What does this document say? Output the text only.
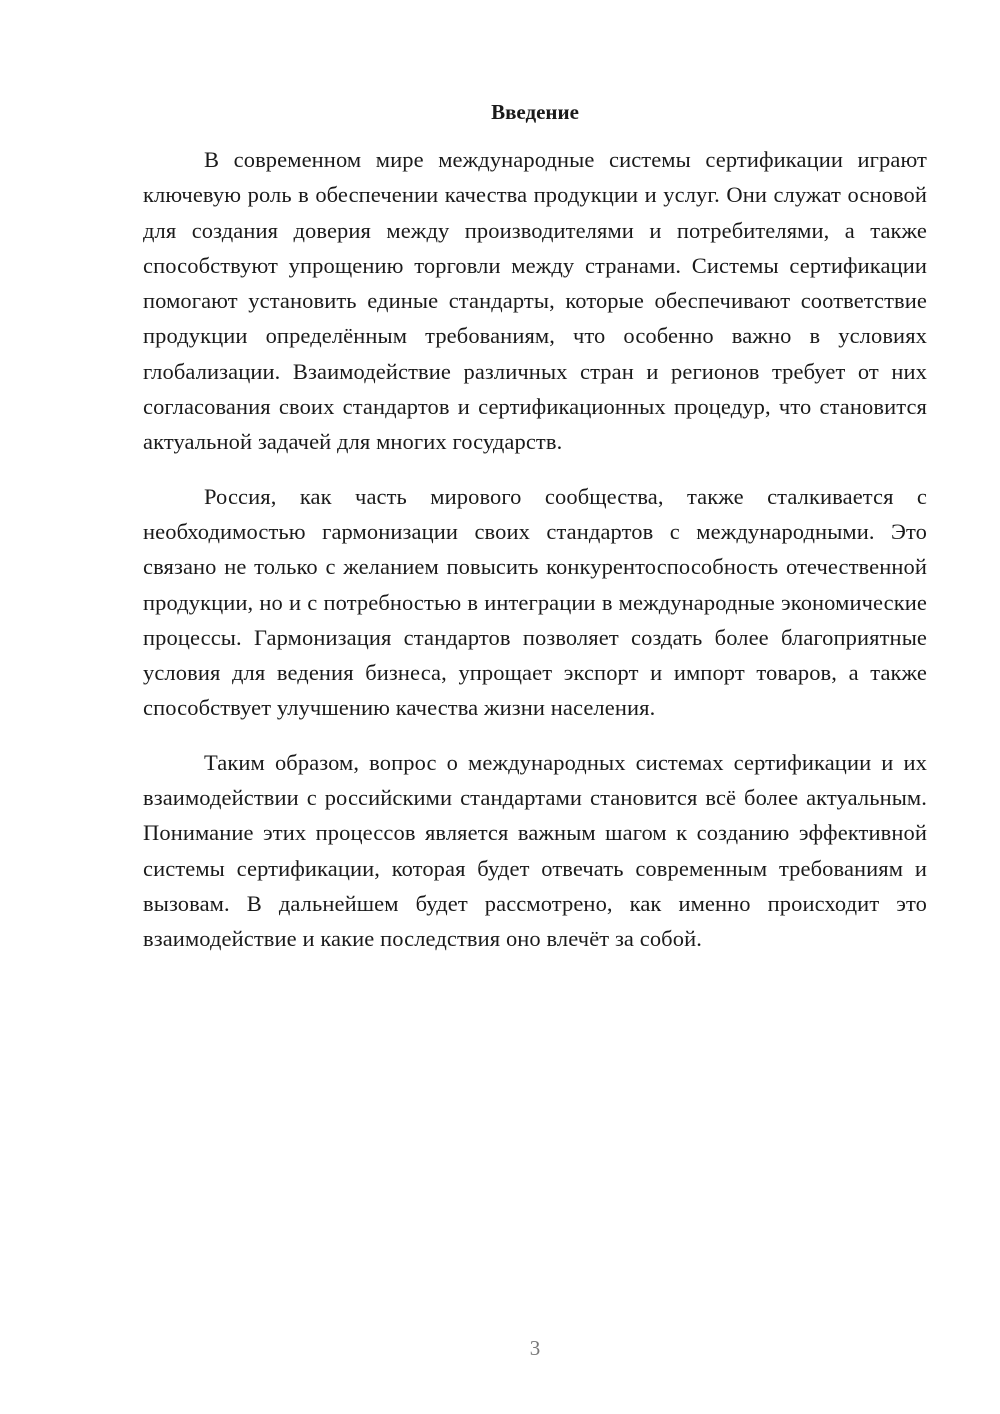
Введение

В современном мире международные системы сертификации играют ключевую роль в обеспечении качества продукции и услуг. Они служат основой для создания доверия между производителями и потребителями, а также способствуют упрощению торговли между странами. Системы сертификации помогают установить единые стандарты, которые обеспечивают соответствие продукции определённым требованиям, что особенно важно в условиях глобализации. Взаимодействие различных стран и регионов требует от них согласования своих стандартов и сертификационных процедур, что становится актуальной задачей для многих государств.

Россия, как часть мирового сообщества, также сталкивается с необходимостью гармонизации своих стандартов с международными. Это связано не только с желанием повысить конкурентоспособность отечественной продукции, но и с потребностью в интеграции в международные экономические процессы. Гармонизация стандартов позволяет создать более благоприятные условия для ведения бизнеса, упрощает экспорт и импорт товаров, а также способствует улучшению качества жизни населения.

Таким образом, вопрос о международных системах сертификации и их взаимодействии с российскими стандартами становится всё более актуальным. Понимание этих процессов является важным шагом к созданию эффективной системы сертификации, которая будет отвечать современным требованиям и вызовам. В дальнейшем будет рассмотрено, как именно происходит это взаимодействие и какие последствия оно влечёт за собой.

3
